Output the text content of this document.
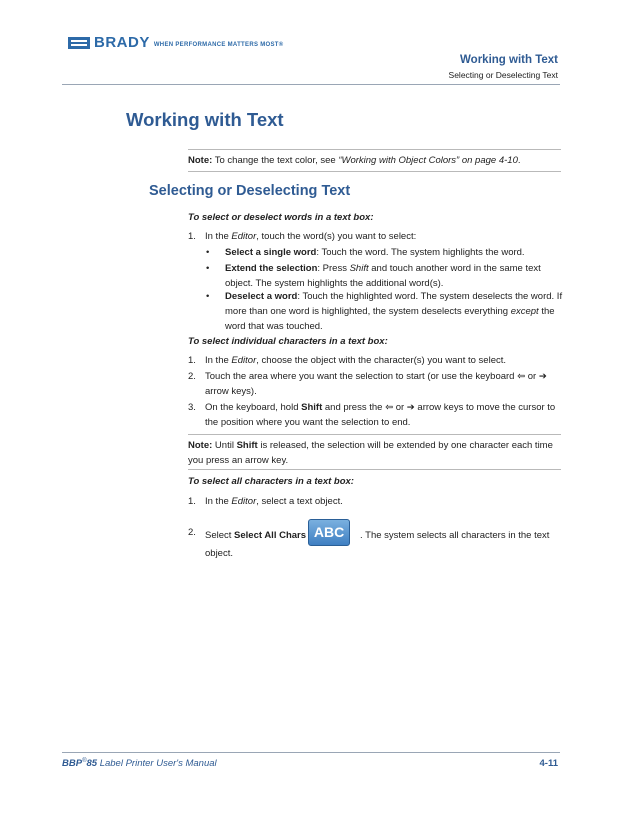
BRADY WHEN PERFORMANCE MATTERS MOST®
Working with Text
Selecting or Deselecting Text
Working with Text
Note: To change the text color, see “Working with Object Colors” on page 4-10.
Selecting or Deselecting Text
To select or deselect words in a text box:
1. In the Editor, touch the word(s) you want to select:
• Select a single word: Touch the word. The system highlights the word.
• Extend the selection: Press Shift and touch another word in the same text object. The system highlights the additional word(s).
• Deselect a word: Touch the highlighted word. The system deselects the word. If more than one word is highlighted, the system deselects everything except the word that was touched.
To select individual characters in a text box:
1. In the Editor, choose the object with the character(s) you want to select.
2. Touch the area where you want the selection to start (or use the keyboard ⇦ or ➔ arrow keys).
3. On the keyboard, hold Shift and press the ⇦ or ➔ arrow keys to move the cursor to the position where you want the selection to end.
Note: Until Shift is released, the selection will be extended by one character each time you press an arrow key.
To select all characters in a text box:
1. In the Editor, select a text object.
2. Select Select All Chars ABC . The system selects all characters in the text object.
BBP®85 Label Printer User's Manual	4-11
